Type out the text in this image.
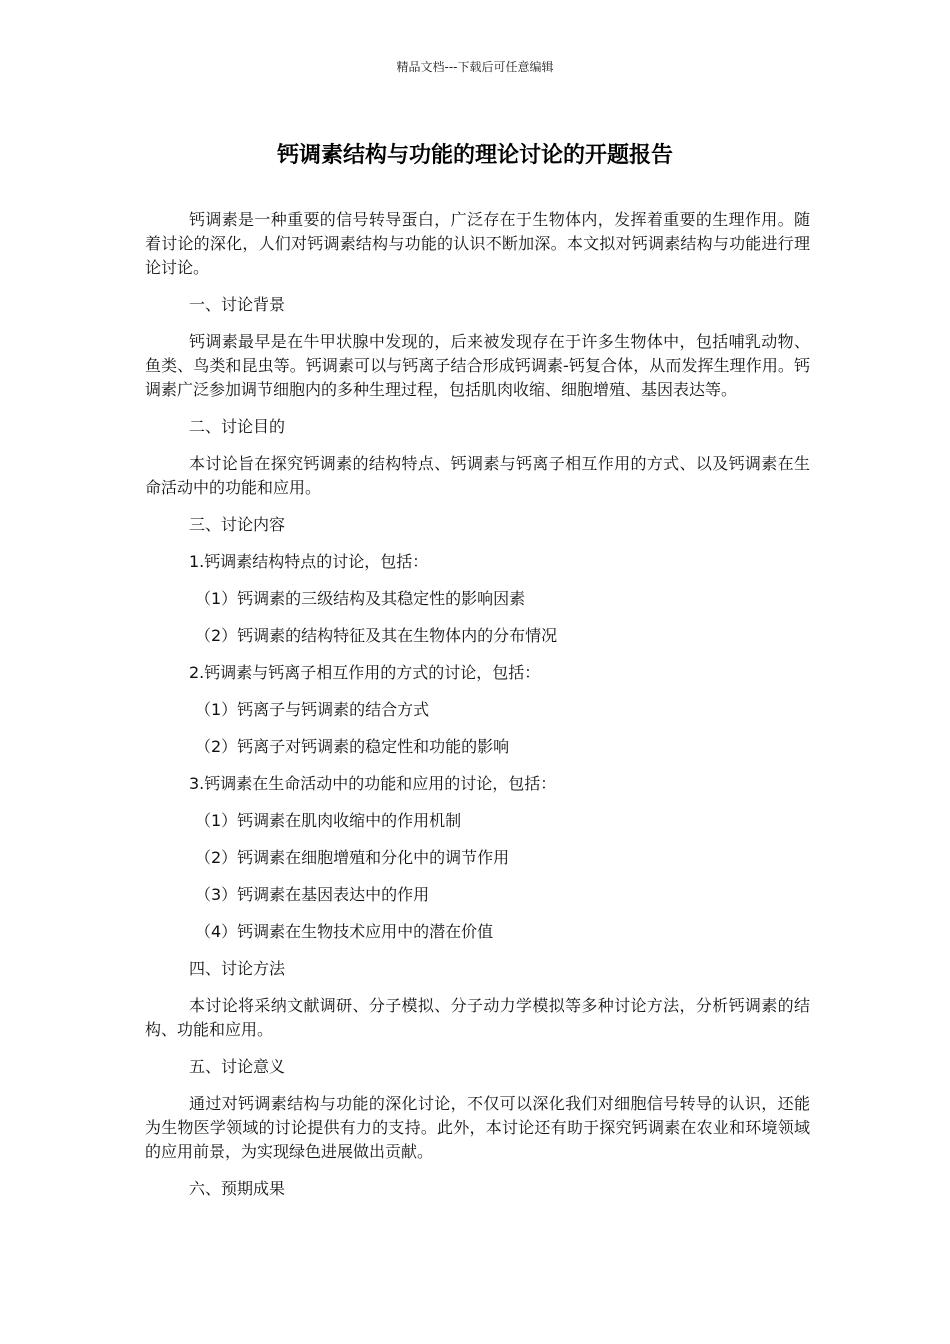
精品文档---下载后可任意编辑
钙调素结构与功能的理论讨论的开题报告

钙调素是一种重要的信号转导蛋白，广泛存在于生物体内，发挥着重要的生理作用。随着讨论的深化，人们对钙调素结构与功能的认识不断加深。本文拟对钙调素结构与功能进行理论讨论。

一、讨论背景

钙调素最早是在牛甲状腺中发现的，后来被发现存在于许多生物体中，包括哺乳动物、鱼类、鸟类和昆虫等。钙调素可以与钙离子结合形成钙调素-钙复合体，从而发挥生理作用。钙调素广泛参加调节细胞内的多种生理过程，包括肌肉收缩、细胞增殖、基因表达等。

二、讨论目的

本讨论旨在探究钙调素的结构特点、钙调素与钙离子相互作用的方式、以及钙调素在生命活动中的功能和应用。

三、讨论内容

1.钙调素结构特点的讨论，包括：

（1）钙调素的三级结构及其稳定性的影响因素

（2）钙调素的结构特征及其在生物体内的分布情况

2.钙调素与钙离子相互作用的方式的讨论，包括：

（1）钙离子与钙调素的结合方式

（2）钙离子对钙调素的稳定性和功能的影响

3.钙调素在生命活动中的功能和应用的讨论，包括：

（1）钙调素在肌肉收缩中的作用机制

（2）钙调素在细胞增殖和分化中的调节作用

（3）钙调素在基因表达中的作用

（4）钙调素在生物技术应用中的潜在价值

四、讨论方法

本讨论将采纳文献调研、分子模拟、分子动力学模拟等多种讨论方法，分析钙调素的结构、功能和应用。

五、讨论意义

通过对钙调素结构与功能的深化讨论，不仅可以深化我们对细胞信号转导的认识，还能为生物医学领域的讨论提供有力的支持。此外，本讨论还有助于探究钙调素在农业和环境领域的应用前景，为实现绿色进展做出贡献。

六、预期成果
